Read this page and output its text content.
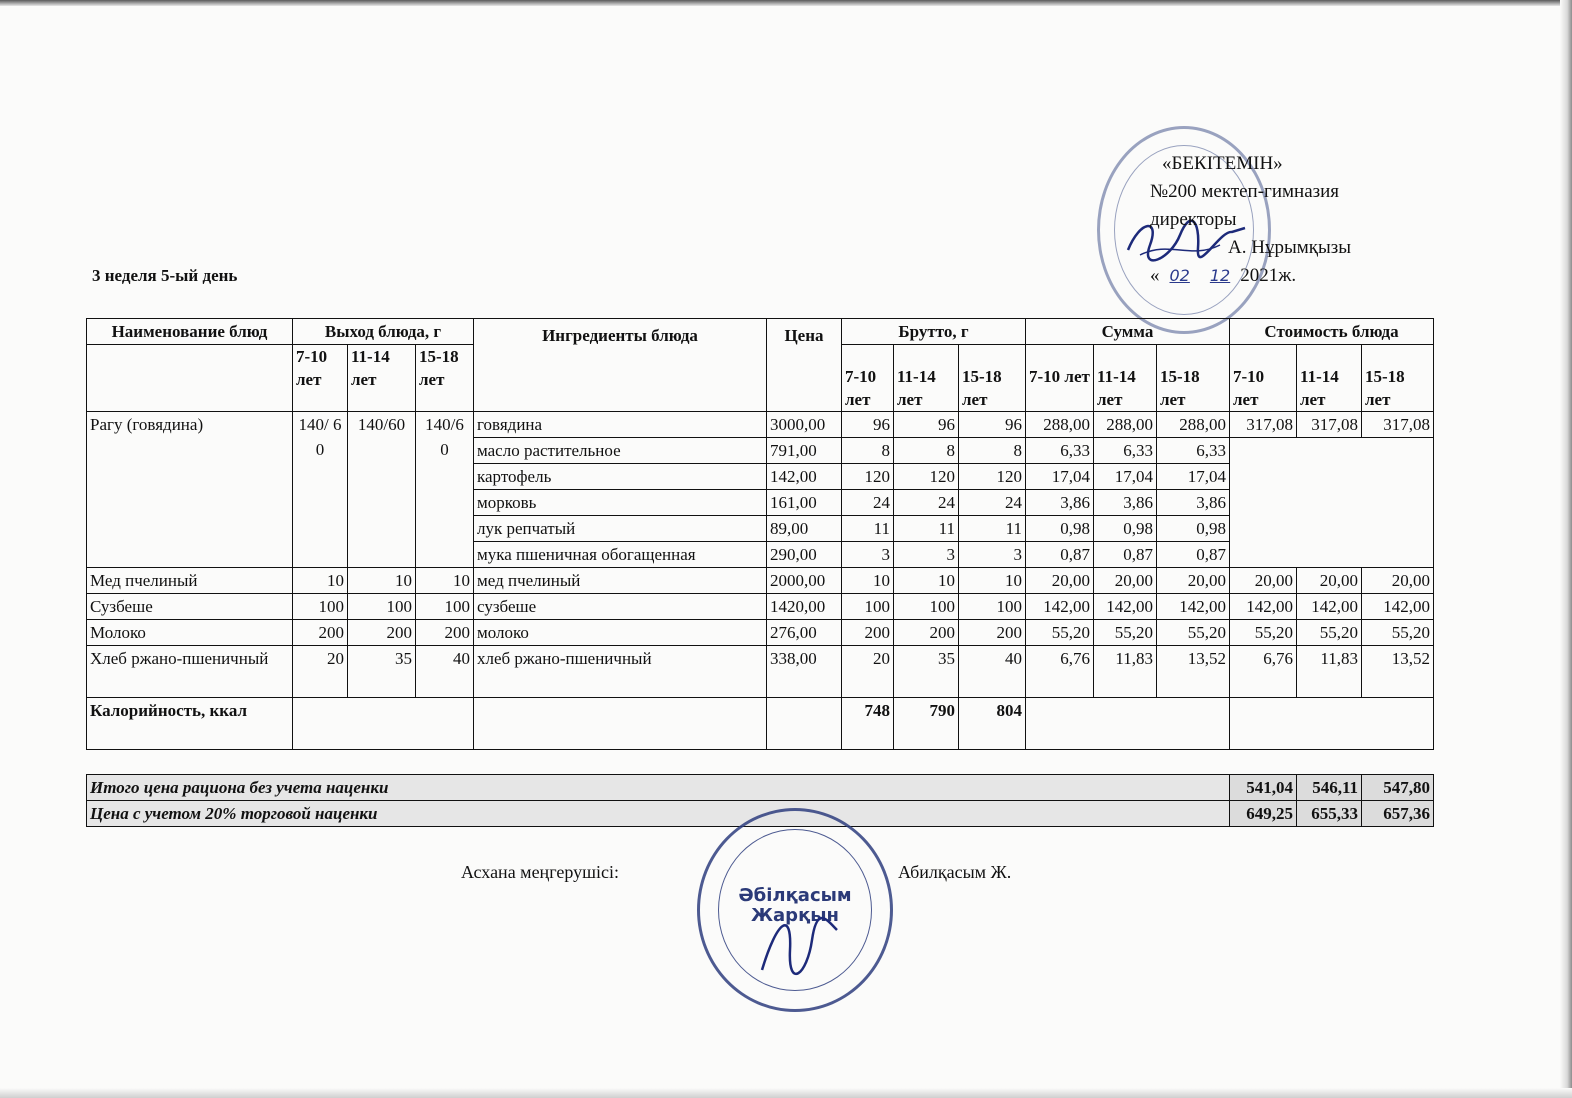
«БЕКІТЕМІН»
№200 мектеп-гимназия
директоры
А. Нұрымқызы
« 02 12 2021ж.
3 неделя 5-ый день
Наименование блюд	Выход блюда, г			Ингредиенты блюда	Цена	Брутто, г			Сумма			Стоимость блюда		
	7-10 лет	11-14 лет	15-18 лет			7-10 лет	11-14 лет	15-18 лет	7-10 лет	11-14 лет	15-18 лет	7-10 лет	11-14 лет	15-18 лет
Рагу (говядина)	140/ 60	140/60	140/6 0	говядина	3000,00	96	96	96	288,00	288,00	288,00	317,08	317,08	317,08
				масло растительное	791,00	8	8	8	6,33	6,33	6,33			
				картофель	142,00	120	120	120	17,04	17,04	17,04			
				морковь	161,00	24	24	24	3,86	3,86	3,86			
				лук репчатый	89,00	11	11	11	0,98	0,98	0,98			
				мука пшеничная обогащенная	290,00	3	3	3	0,87	0,87	0,87			
Мед пчелиный	10	10	10	мед пчелиный	2000,00	10	10	10	20,00	20,00	20,00	20,00	20,00	20,00
Сузбеше	100	100	100	сузбеше	1420,00	100	100	100	142,00	142,00	142,00	142,00	142,00	142,00
Молоко	200	200	200	молоко	276,00	200	200	200	55,20	55,20	55,20	55,20	55,20	55,20
Хлеб ржано-пшеничный	20	35	40	хлеб ржано-пшеничный	338,00	20	35	40	6,76	11,83	13,52	6,76	11,83	13,52
Калорийность, ккал						748	790	804						

Итого цена рациона без учета наценки												541,04	546,11	547,80
Цена с учетом 20% торговой наценки												649,25	655,33	657,36
Асхана меңгерушісі:	Абилқасым Ж.
Әбілқасым
Жарқын
